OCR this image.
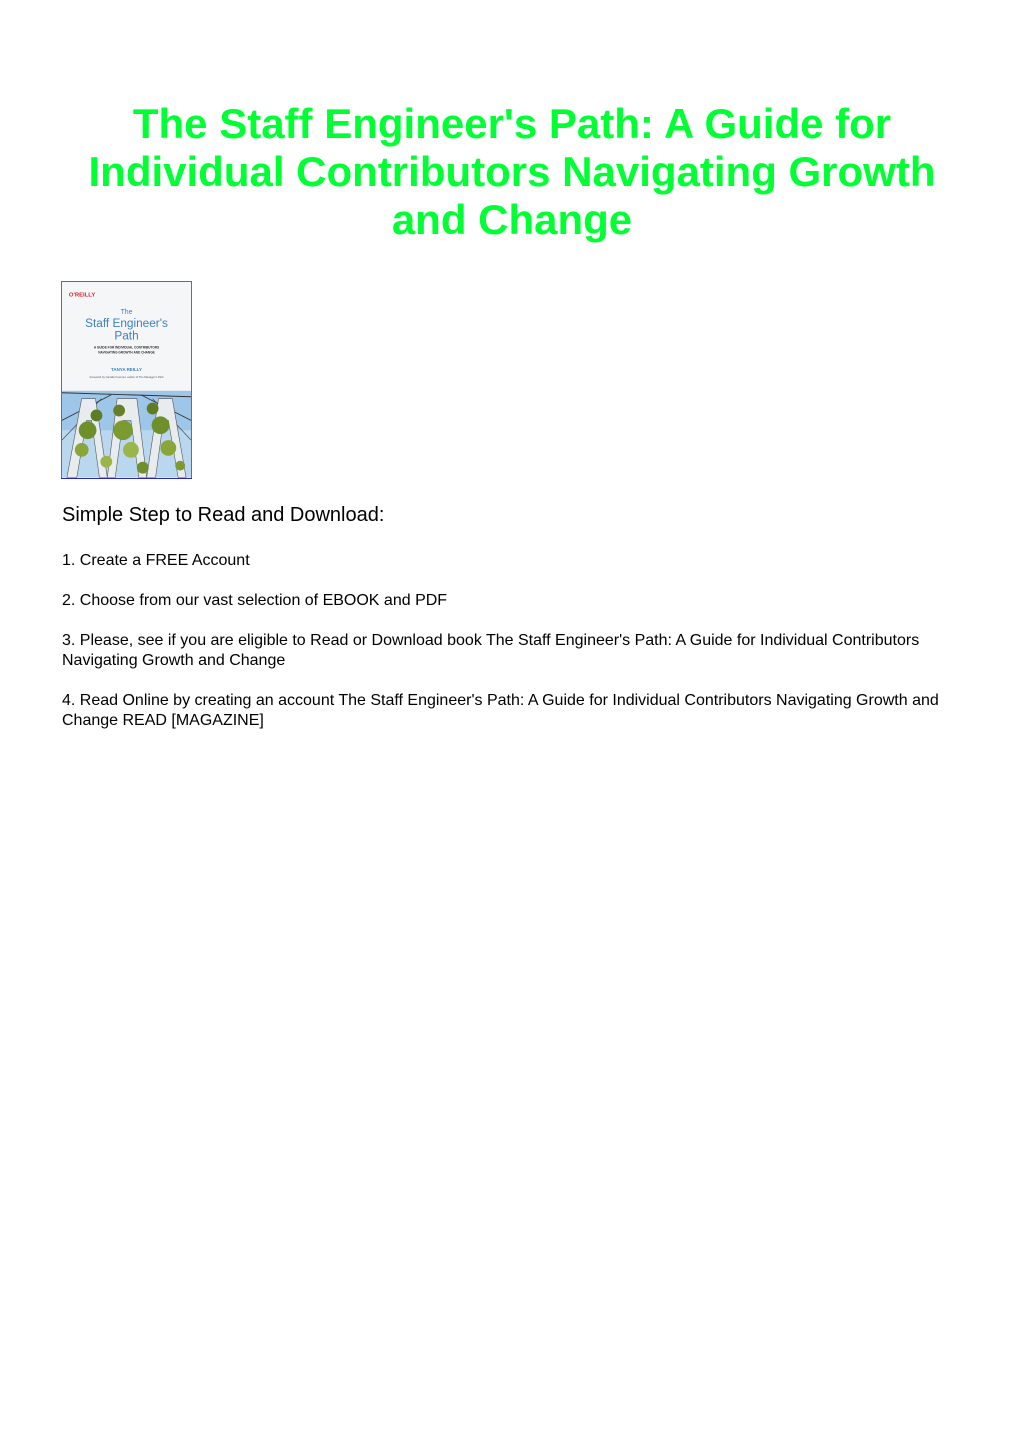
The Staff Engineer's Path: A Guide for Individual Contributors Navigating Growth and Change
O'REILLY
The
Staff Engineer's
Path
A GUIDE FOR INDIVIDUAL CONTRIBUTORS
NAVIGATING GROWTH AND CHANGE
TANYA REILLY
Foreword by Camille Fournier, author of The Manager's Path
Simple Step to Read and Download:
1. Create a FREE Account
2. Choose from our vast selection of EBOOK and PDF
3. Please, see if you are eligible to Read or Download book The Staff Engineer's Path: A Guide for Individual Contributors Navigating Growth and Change
4. Read Online by creating an account The Staff Engineer's Path: A Guide for Individual Contributors Navigating Growth and Change READ [MAGAZINE]
